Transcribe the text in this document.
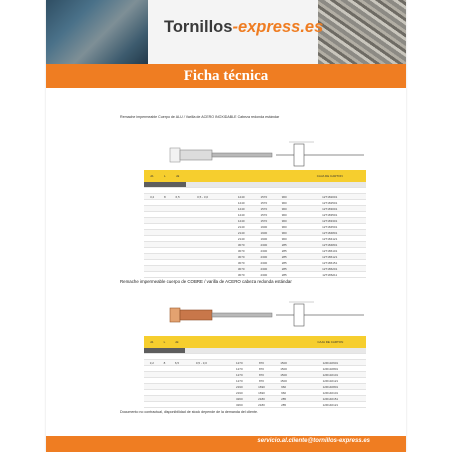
Tornillos-express.es
Ficha técnica
Remache impermeable Cuerpo de ALU / Varilla de ACERO INOXIDABLE Cabeza redonda estándar
d1	L	dk							CAJA DE CARTON

3,2	8	6,5	0,5 - 3,0			1240	1570	960	12T182001
						1240	1570	960	12T182501
						1240	1570	960	12T183001
						1240	1570	960	12T183501
						1240	1570	960	12T183301
						2140	1900	960	12T184501
						2140	1900	960	12T184801
						2140	1900	960	12T184121
						3070	2300	285	12T184801
						3070	2300	285	12T186101
						3070	2300	285	12T186121
						3070	2300	285	12T186151
						3070	2300	285	12T186201
						3070	2300	285	12T186211
Remache impermeable cuerpo de COBRE / varilla de ACERO cabeza redonda estándar
d1	L	dk							CAJA DE CARTON

3,2	8	6,5	0,5 - 3,0			1270	870	1500	12R132601
						1270	870	1500	12R132801
						1270	870	1500	12R132101
						1270	870	1500	12R132121
						2190	1690	960	12R140801
						2190	1690	960	12R140101
						3260	2180	285	12R140151
						3260	2180	285	12R140121
Documento no contractual, disponibilidad de stock depende de la demanda del cliente.
servicio.al.cliente@tornillos-express.es
